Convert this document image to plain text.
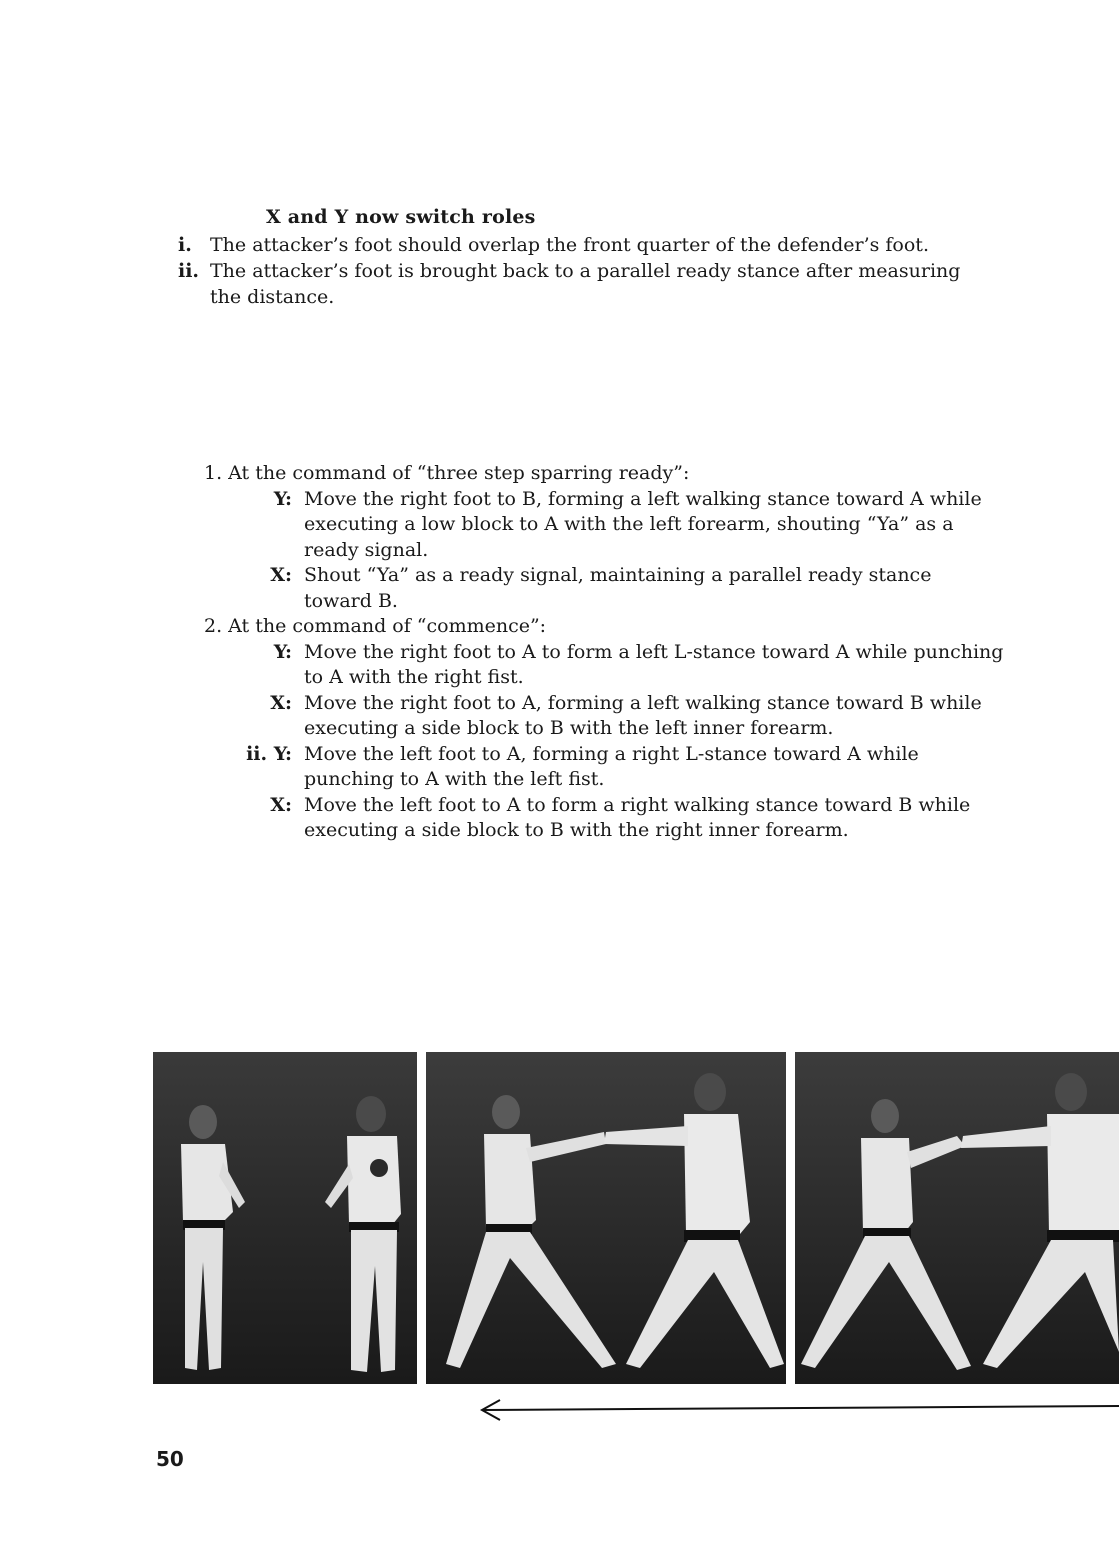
X and Y now switch roles
i. The attacker’s foot should overlap the front quarter of the defender’s foot.
ii. The attacker’s foot is brought back to a parallel ready stance after measuring the distance.
1. At the command of “three step sparring ready”:
Y: Move the right foot to B, forming a left walking stance toward A while executing a low block to A with the left forearm, shouting “Ya” as a ready signal.
X: Shout “Ya” as a ready signal, maintaining a parallel ready stance toward B.
2. At the command of “commence”:
Y: Move the right foot to A to form a left L-stance toward A while punching to A with the right fist.
X: Move the right foot to A, forming a left walking stance toward B while executing a side block to B with the left inner forearm.
ii. Y: Move the left foot to A, forming a right L-stance toward A while punching to A with the left fist.
X: Move the left foot to A to form a right walking stance toward B while executing a side block to B with the right inner forearm.
50
